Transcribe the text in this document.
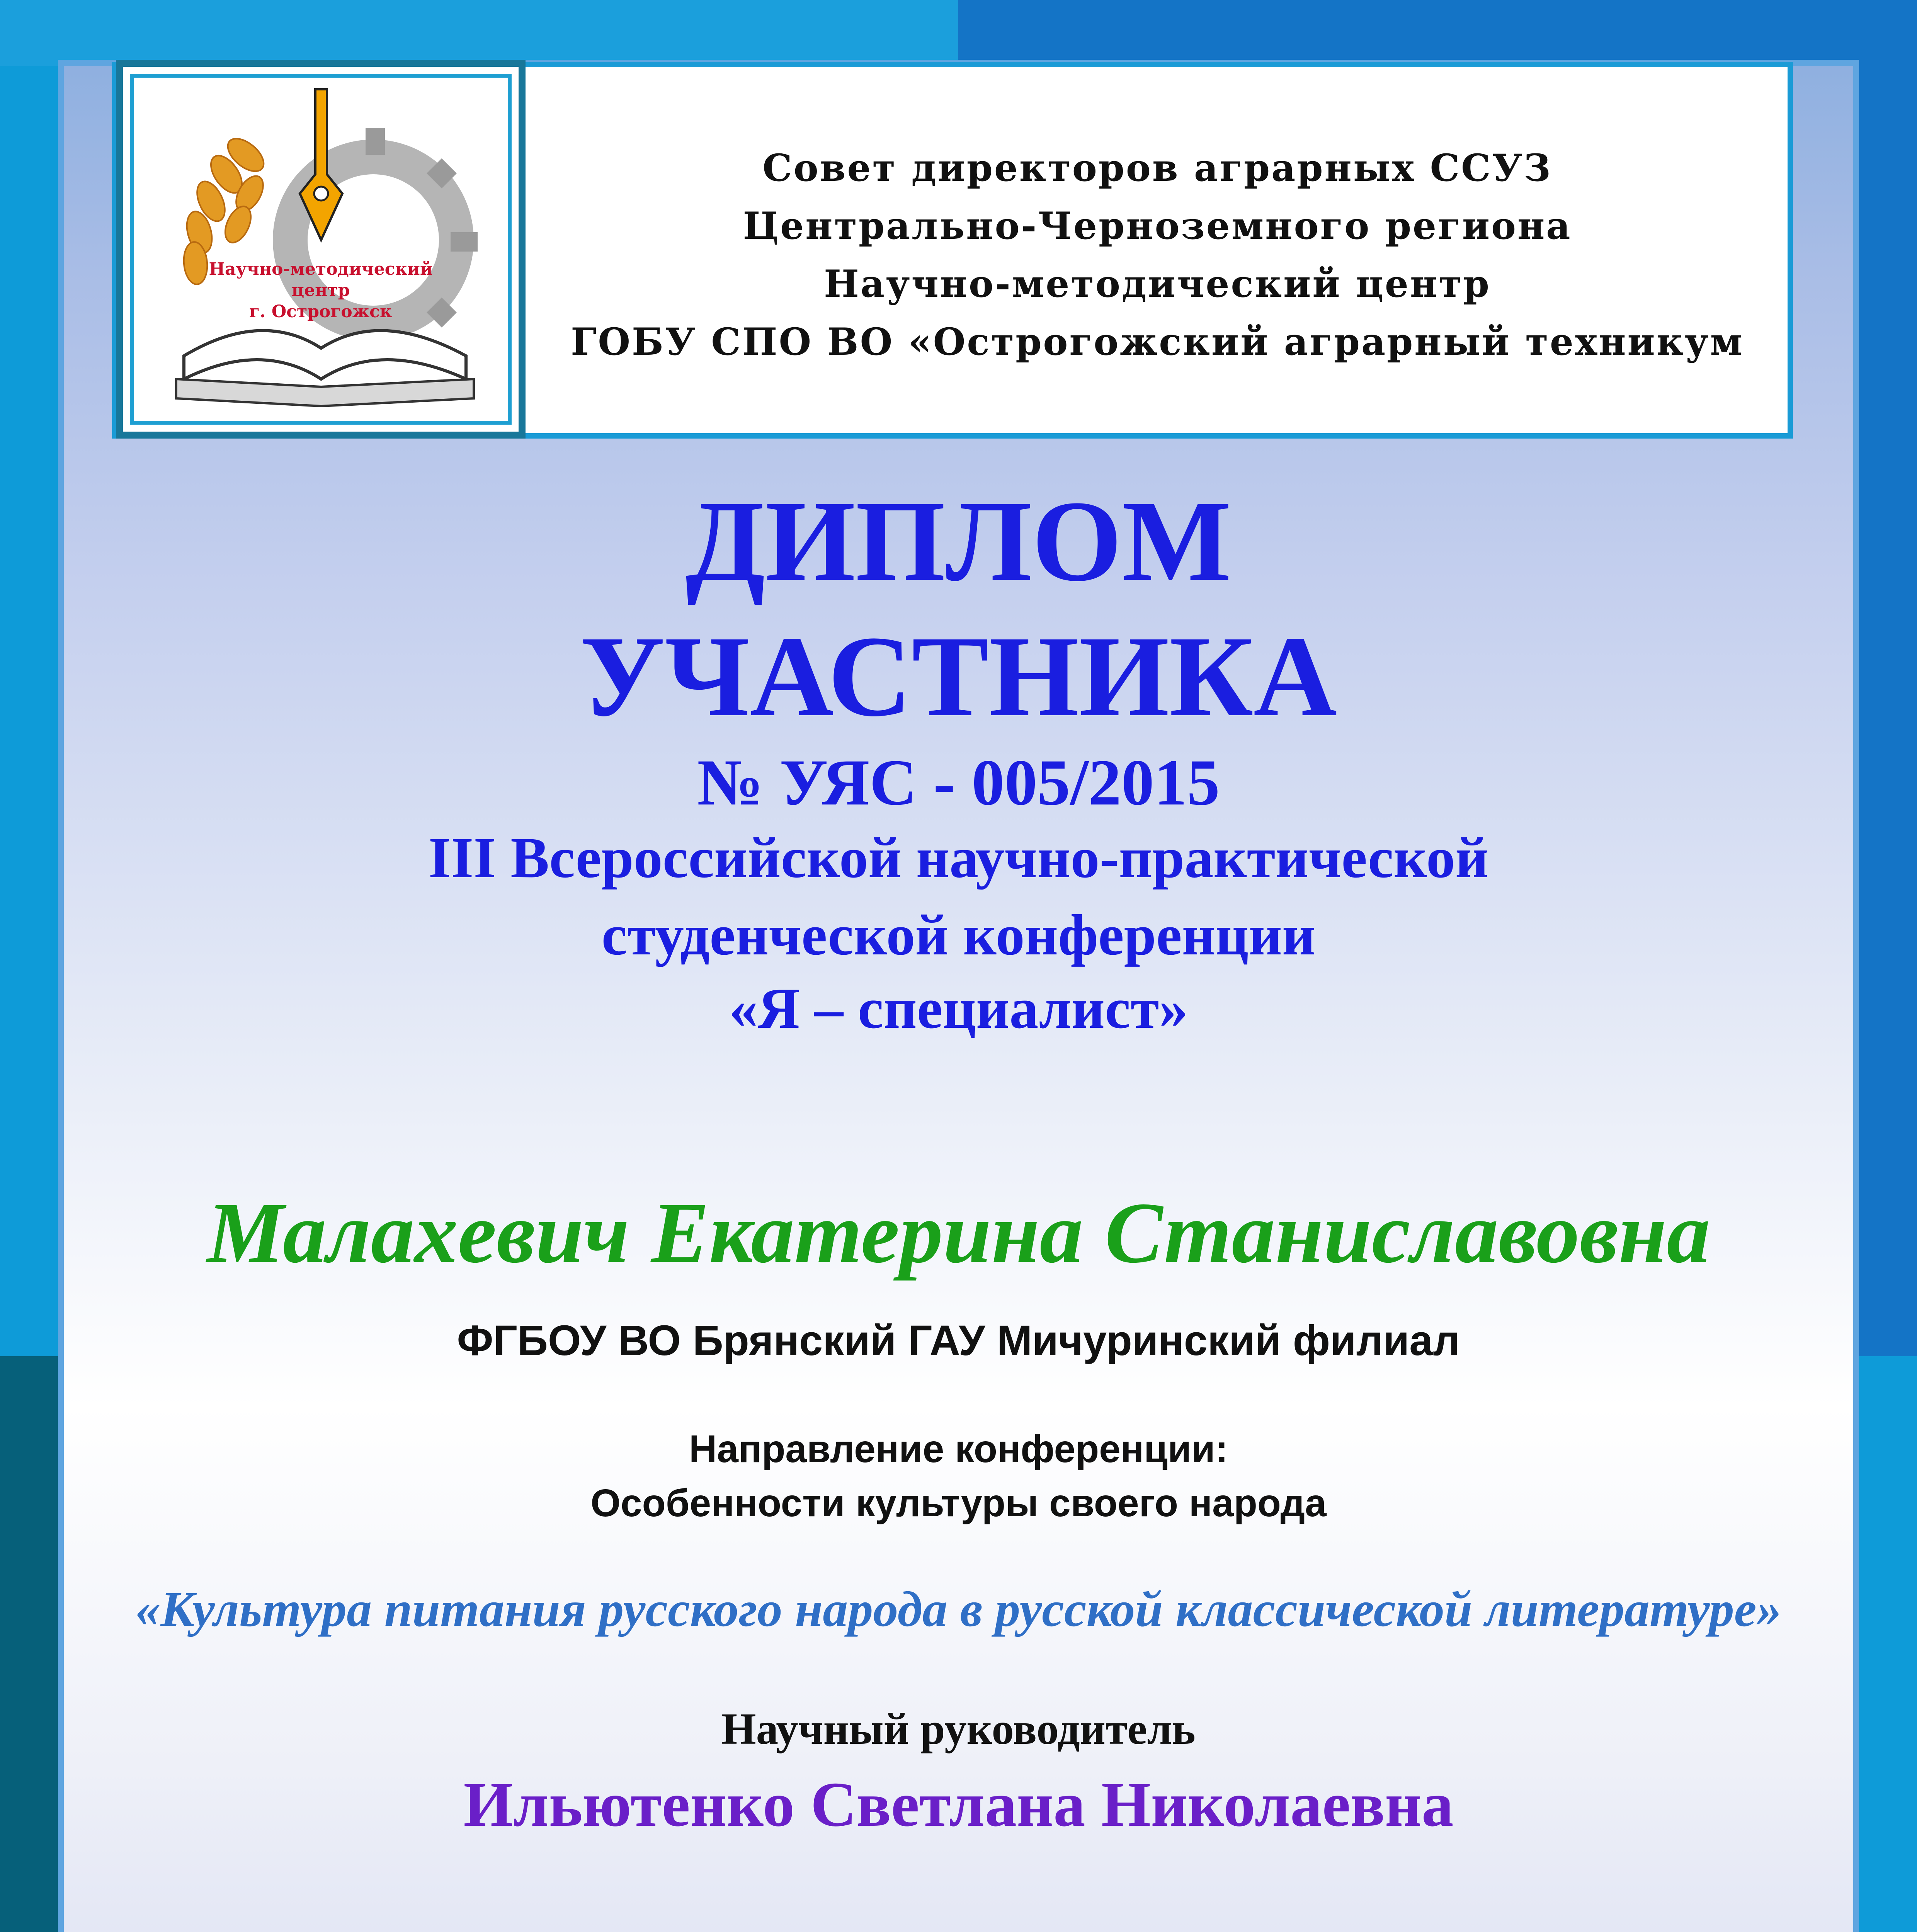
Научно-методический
центр
г. Острогожск
Совет директоров аграрных ССУЗ
Центрально-Черноземного региона
Научно-методический центр
ГОБУ СПО ВО «Острогожский аграрный техникум
ДИПЛОМ
УЧАСТНИКА
№ УЯС - 005/2015
III Всероссийской научно-практической
студенческой конференции
«Я – специалист»
Малахевич Екатерина Станиславовна
ФГБОУ ВО Брянский ГАУ Мичуринский филиал
Направление конференции:
Особенности культуры своего народа
«Культура питания русского народа в русской классической литературе»
Научный руководитель
Ильютенко Светлана Николаевна
